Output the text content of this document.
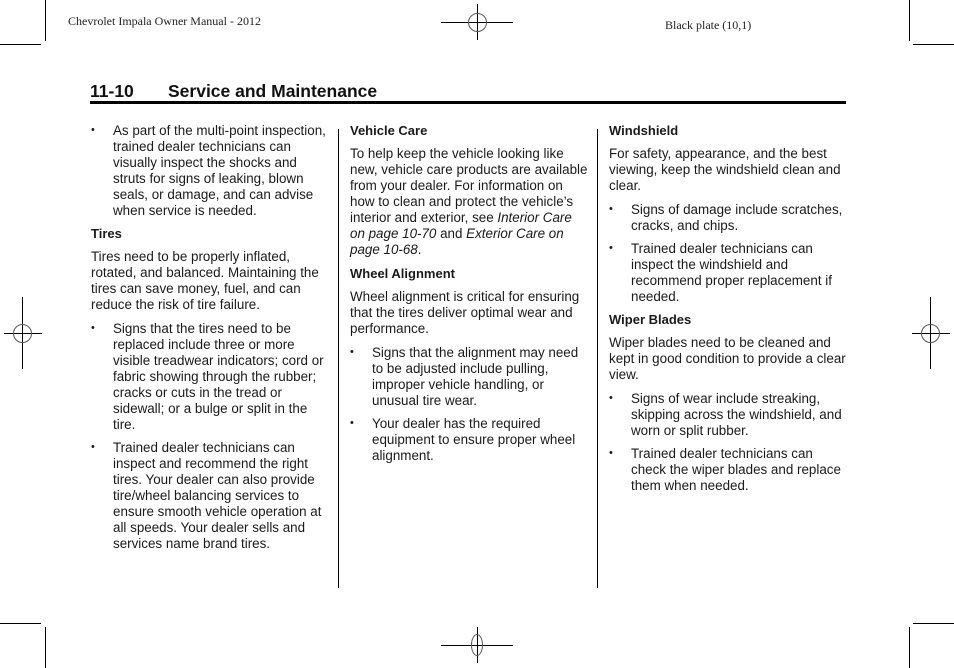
Chevrolet Impala Owner Manual - 2012	Black plate (10,1)
11-10 Service and Maintenance
• As part of the multi-point inspection, trained dealer technicians can visually inspect the shocks and struts for signs of leaking, blown seals, or damage, and can advise when service is needed.
Tires
Tires need to be properly inflated, rotated, and balanced. Maintaining the tires can save money, fuel, and can reduce the risk of tire failure.
• Signs that the tires need to be replaced include three or more visible treadwear indicators; cord or fabric showing through the rubber; cracks or cuts in the tread or sidewall; or a bulge or split in the tire.
• Trained dealer technicians can inspect and recommend the right tires. Your dealer can also provide tire/wheel balancing services to ensure smooth vehicle operation at all speeds. Your dealer sells and services name brand tires.
Vehicle Care
To help keep the vehicle looking like new, vehicle care products are available from your dealer. For information on how to clean and protect the vehicle’s interior and exterior, see Interior Care on page 10-70 and Exterior Care on page 10-68.
Wheel Alignment
Wheel alignment is critical for ensuring that the tires deliver optimal wear and performance.
• Signs that the alignment may need to be adjusted include pulling, improper vehicle handling, or unusual tire wear.
• Your dealer has the required equipment to ensure proper wheel alignment.
Windshield
For safety, appearance, and the best viewing, keep the windshield clean and clear.
• Signs of damage include scratches, cracks, and chips.
• Trained dealer technicians can inspect the windshield and recommend proper replacement if needed.
Wiper Blades
Wiper blades need to be cleaned and kept in good condition to provide a clear view.
• Signs of wear include streaking, skipping across the windshield, and worn or split rubber.
• Trained dealer technicians can check the wiper blades and replace them when needed.
